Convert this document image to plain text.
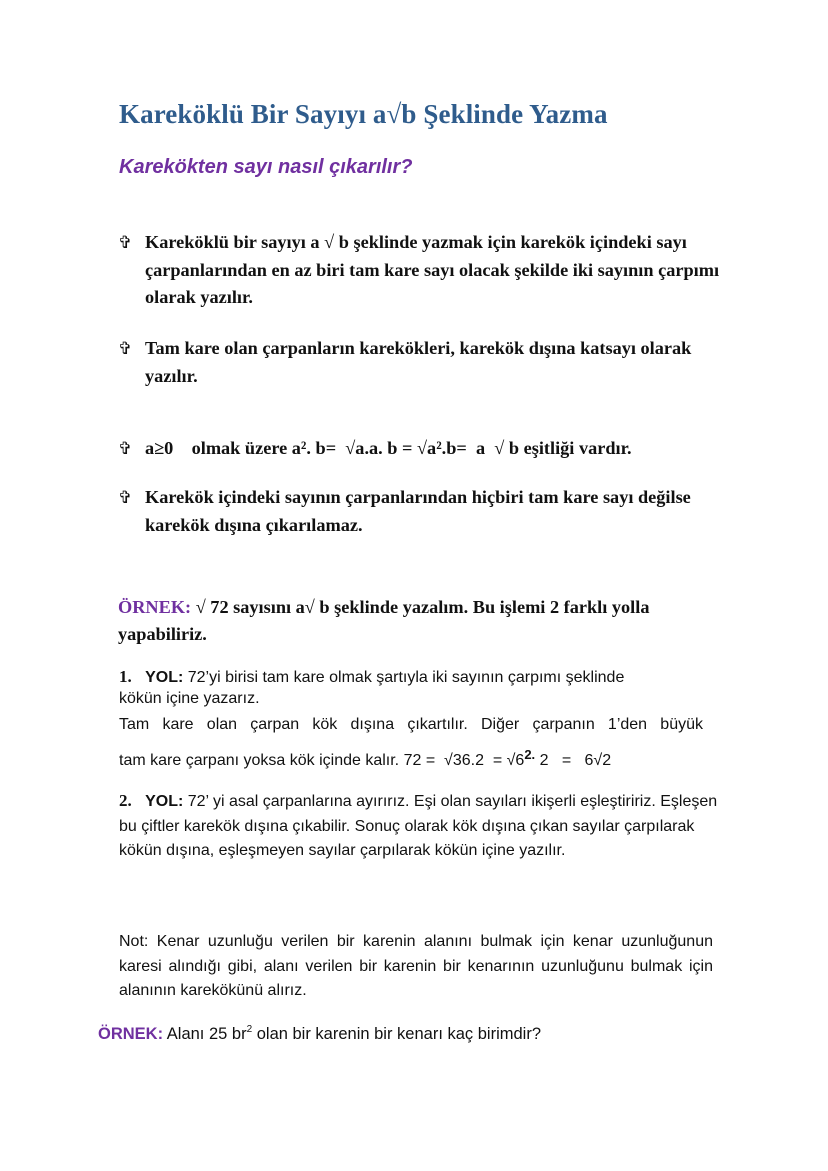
Kareköklü Bir Sayıyı a√b Şeklinde Yazma
Karekökten sayı nasıl çıkarılır?
✞ Kareköklü bir sayıyı a √ b şeklinde yazmak için karekök içindeki sayı çarpanlarından en az biri tam kare sayı olacak şekilde iki sayının çarpımı olarak yazılır.
✞ Tam kare olan çarpanların karekökleri, karekök dışına katsayı olarak yazılır.
✞ a≥0    olmak üzere a². b=  √a.a. b = √a².b=  a  √ b eşitliği vardır.
✞ Karekök içindeki sayının çarpanlarından hiçbiri tam kare sayı değilse karekök dışına çıkarılamaz.
ÖRNEK: √ 72 sayısını a√ b şeklinde yazalım. Bu işlemi 2 farklı yolla yapabiliriz.
1. YOL: 72’yi birisi tam kare olmak şartıyla iki sayının çarpımı şeklinde
kökün içine yazarız.
Tam kare olan çarpan kök dışına çıkartılır. Diğer çarpanın 1’den büyük
tam kare çarpanı yoksa kök içinde kalır. $72 = √36.2 = √6^{2.}$ 2   =   6√2
2. YOL: 72’ yi asal çarpanlarına ayırırız. Eşi olan sayıları ikişerli eşleştiririz. Eşleşen bu çiftler karekök dışına çıkabilir. Sonuç olarak kök dışına çıkan sayılar çarpılarak kökün dışına, eşleşmeyen sayılar çarpılarak kökün içine yazılır.
Not: Kenar uzunluğu verilen bir karenin alanını bulmak için kenar uzunluğunun karesi alındığı gibi, alanı verilen bir karenin bir kenarının uzunluğunu bulmak için alanının karekökünü alırız.
ÖRNEK: Alanı 25 $br^2$ olan bir karenin bir kenarı kaç birimdir?
